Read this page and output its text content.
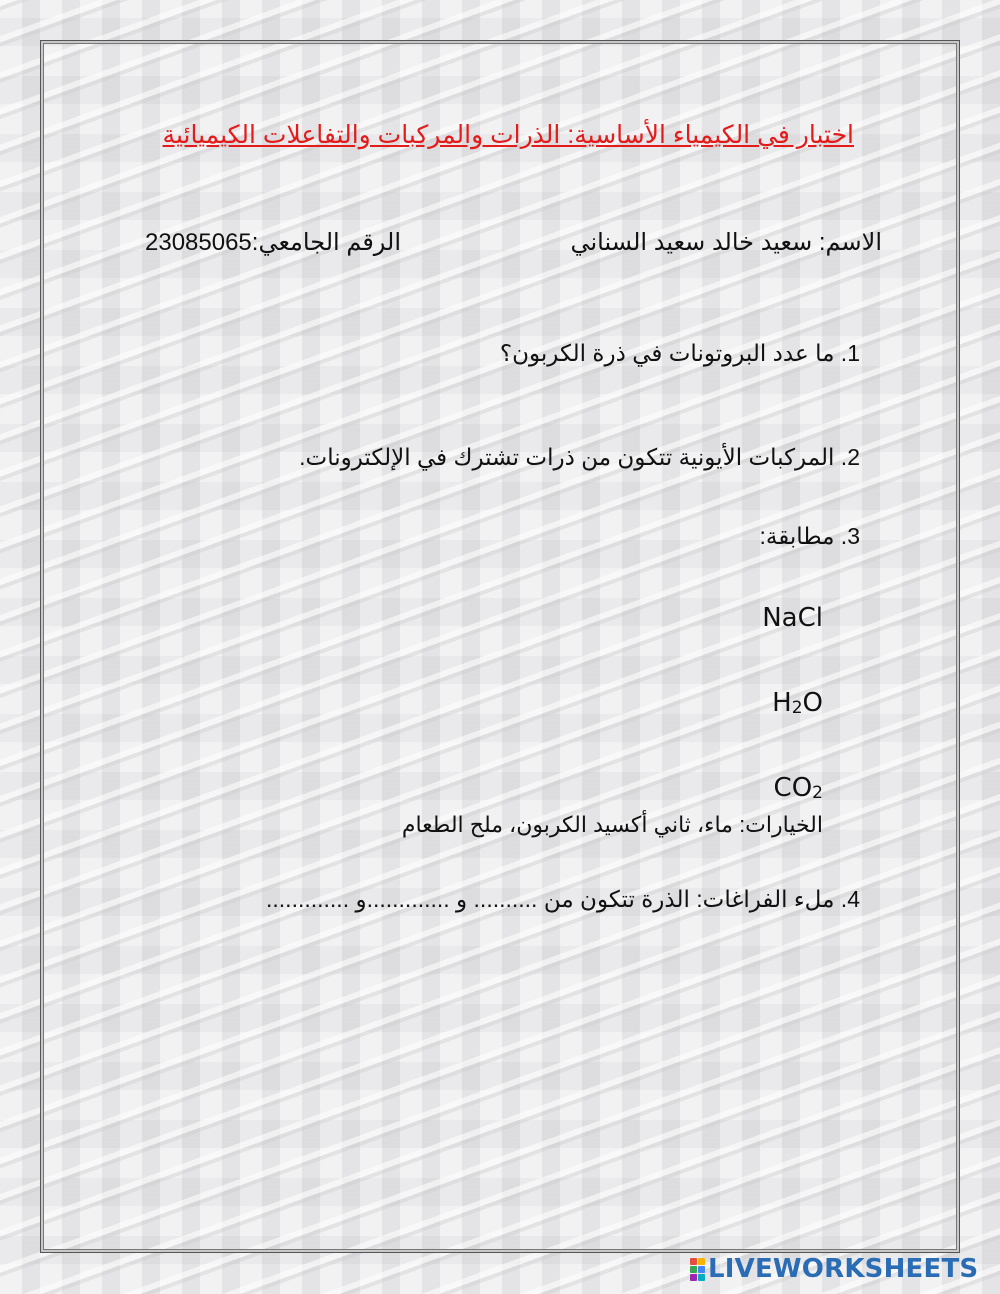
اختبار في الكيمياء الأساسية: الذرات والمركبات والتفاعلات الكيميائية
الاسم: سعيد خالد سعيد السناني
الرقم الجامعي:23085065
1. ما عدد البروتونات في ذرة الكربون؟
2. المركبات الأيونية تتكون من ذرات تشترك في الإلكترونات.
3. مطابقة:
NaCl
$H_2O$
$CO_2$
الخيارات: ماء، ثاني أكسيد الكربون، ملح الطعام
4. ملء الفراغات: الذرة تتكون من .......... و .............و .............
LIVEWORKSHEETS
